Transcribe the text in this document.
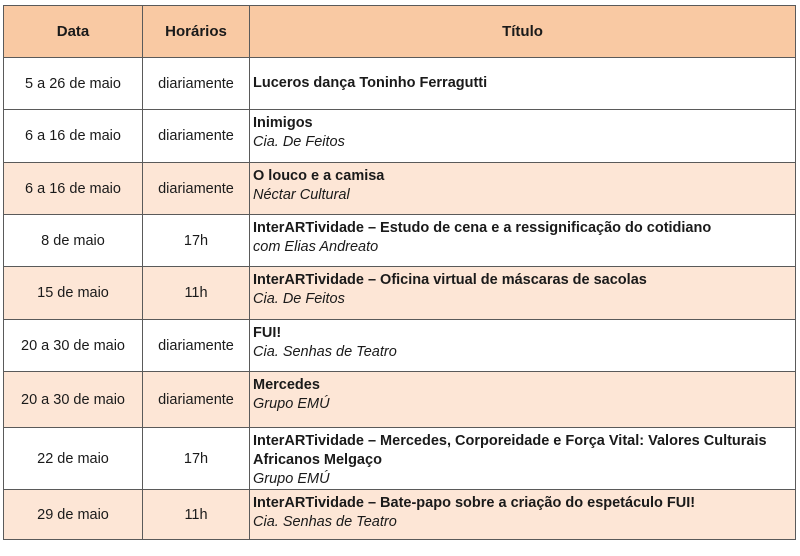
Data	Horários	Título
5 a 26 de maio	diariamente	Luceros dança Toninho Ferragutti

6 a 16 de maio	diariamente	Inimigos
Cia. De Feitos

6 a 16 de maio	diariamente	O louco e a camisa
Néctar Cultural

8 de maio	17h	InterARTividade – Estudo de cena e a ressignificação do cotidiano
com Elias Andreato

15 de maio	11h	InterARTividade – Oficina virtual de máscaras de sacolas
Cia. De Feitos

20 a 30 de maio	diariamente	FUI!
Cia. Senhas de Teatro

20 a 30 de maio	diariamente	Mercedes
Grupo EMÚ

22 de maio	17h	InterARTividade – Mercedes, Corporeidade e Força Vital: Valores Culturais Africanos Melgaço
Grupo EMÚ

29 de maio	11h	InterARTividade – Bate-papo sobre a criação do espetáculo FUI!
Cia. Senhas de Teatro
